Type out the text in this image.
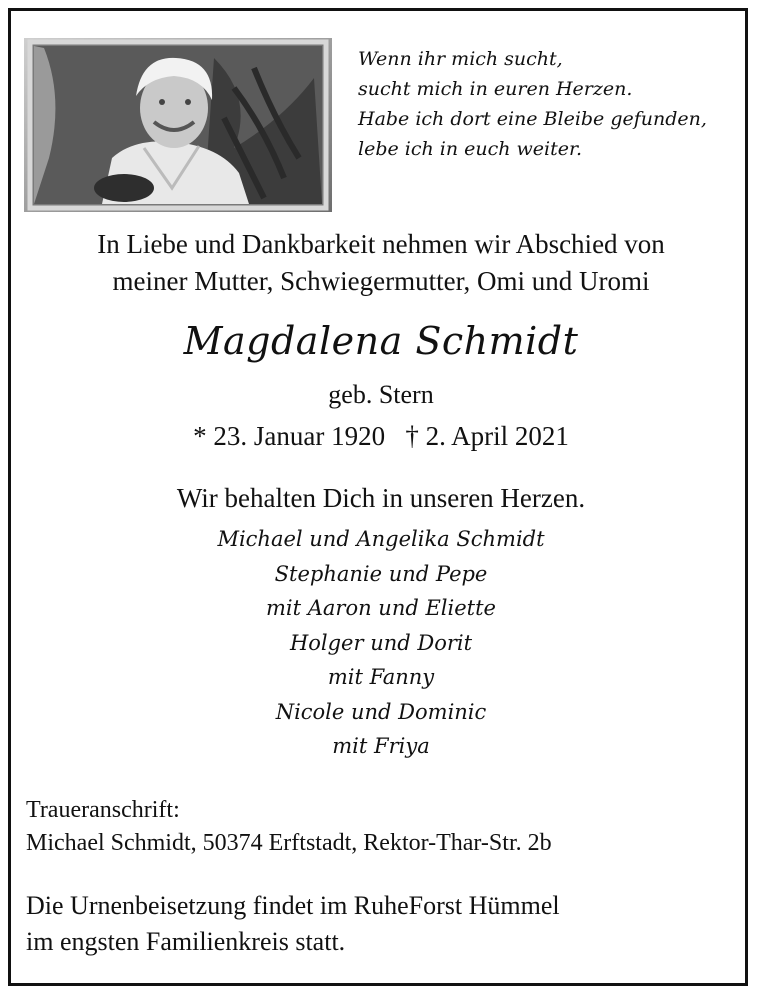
Wenn ihr mich sucht,
sucht mich in euren Herzen.
Habe ich dort eine Bleibe gefunden,
lebe ich in euch weiter.
In Liebe und Dankbarkeit nehmen wir Abschied von
meiner Mutter, Schwiegermutter, Omi und Uromi
Magdalena Schmidt
geb. Stern
* 23. Januar 1920 † 2. April 2021
Wir behalten Dich in unseren Herzen.
Michael und Angelika Schmidt
Stephanie und Pepe
mit Aaron und Eliette
Holger und Dorit
mit Fanny
Nicole und Dominic
mit Friya
Traueranschrift:
Michael Schmidt, 50374 Erftstadt, Rektor-Thar-Str. 2b
Die Urnenbeisetzung findet im RuheForst Hümmel
im engsten Familienkreis statt.
